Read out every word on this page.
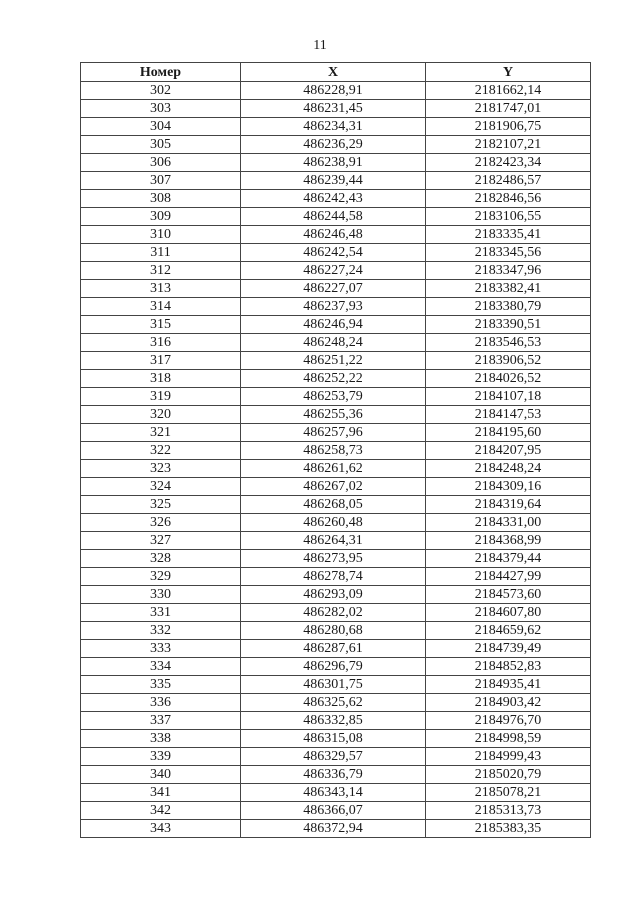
11
Номер	X	Y
302	486228,91	2181662,14
303	486231,45	2181747,01
304	486234,31	2181906,75
305	486236,29	2182107,21
306	486238,91	2182423,34
307	486239,44	2182486,57
308	486242,43	2182846,56
309	486244,58	2183106,55
310	486246,48	2183335,41
311	486242,54	2183345,56
312	486227,24	2183347,96
313	486227,07	2183382,41
314	486237,93	2183380,79
315	486246,94	2183390,51
316	486248,24	2183546,53
317	486251,22	2183906,52
318	486252,22	2184026,52
319	486253,79	2184107,18
320	486255,36	2184147,53
321	486257,96	2184195,60
322	486258,73	2184207,95
323	486261,62	2184248,24
324	486267,02	2184309,16
325	486268,05	2184319,64
326	486260,48	2184331,00
327	486264,31	2184368,99
328	486273,95	2184379,44
329	486278,74	2184427,99
330	486293,09	2184573,60
331	486282,02	2184607,80
332	486280,68	2184659,62
333	486287,61	2184739,49
334	486296,79	2184852,83
335	486301,75	2184935,41
336	486325,62	2184903,42
337	486332,85	2184976,70
338	486315,08	2184998,59
339	486329,57	2184999,43
340	486336,79	2185020,79
341	486343,14	2185078,21
342	486366,07	2185313,73
343	486372,94	2185383,35
